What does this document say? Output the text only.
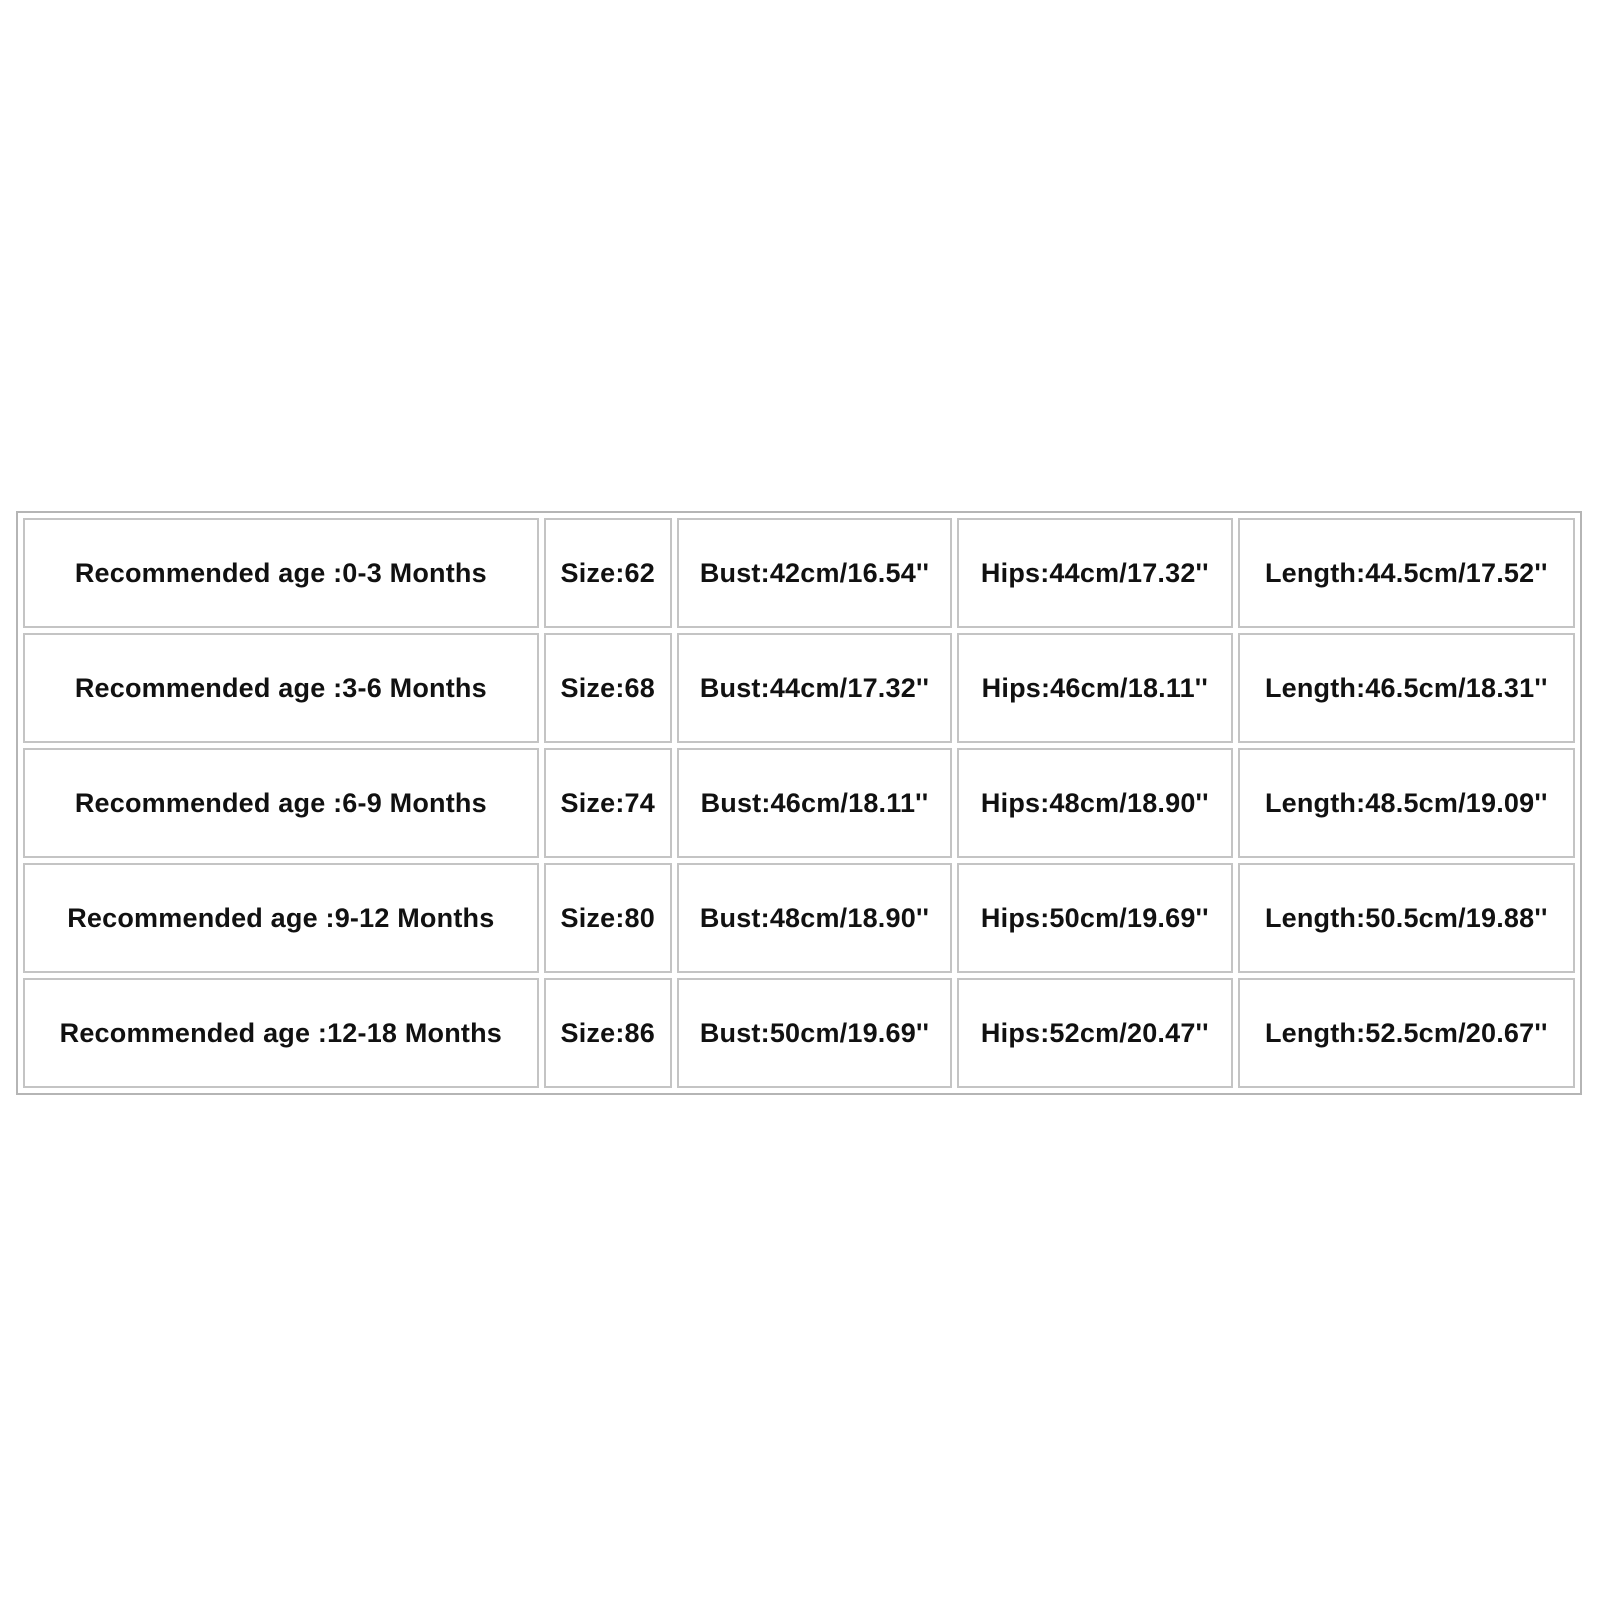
Recommended age :0-3 Months	Size:62	Bust:42cm/16.54''	Hips:44cm/17.32''	Length:44.5cm/17.52''
Recommended age :3-6 Months	Size:68	Bust:44cm/17.32''	Hips:46cm/18.11''	Length:46.5cm/18.31''
Recommended age :6-9 Months	Size:74	Bust:46cm/18.11''	Hips:48cm/18.90''	Length:48.5cm/19.09''
Recommended age :9-12 Months	Size:80	Bust:48cm/18.90''	Hips:50cm/19.69''	Length:50.5cm/19.88''
Recommended age :12-18 Months	Size:86	Bust:50cm/19.69''	Hips:52cm/20.47''	Length:52.5cm/20.67''
